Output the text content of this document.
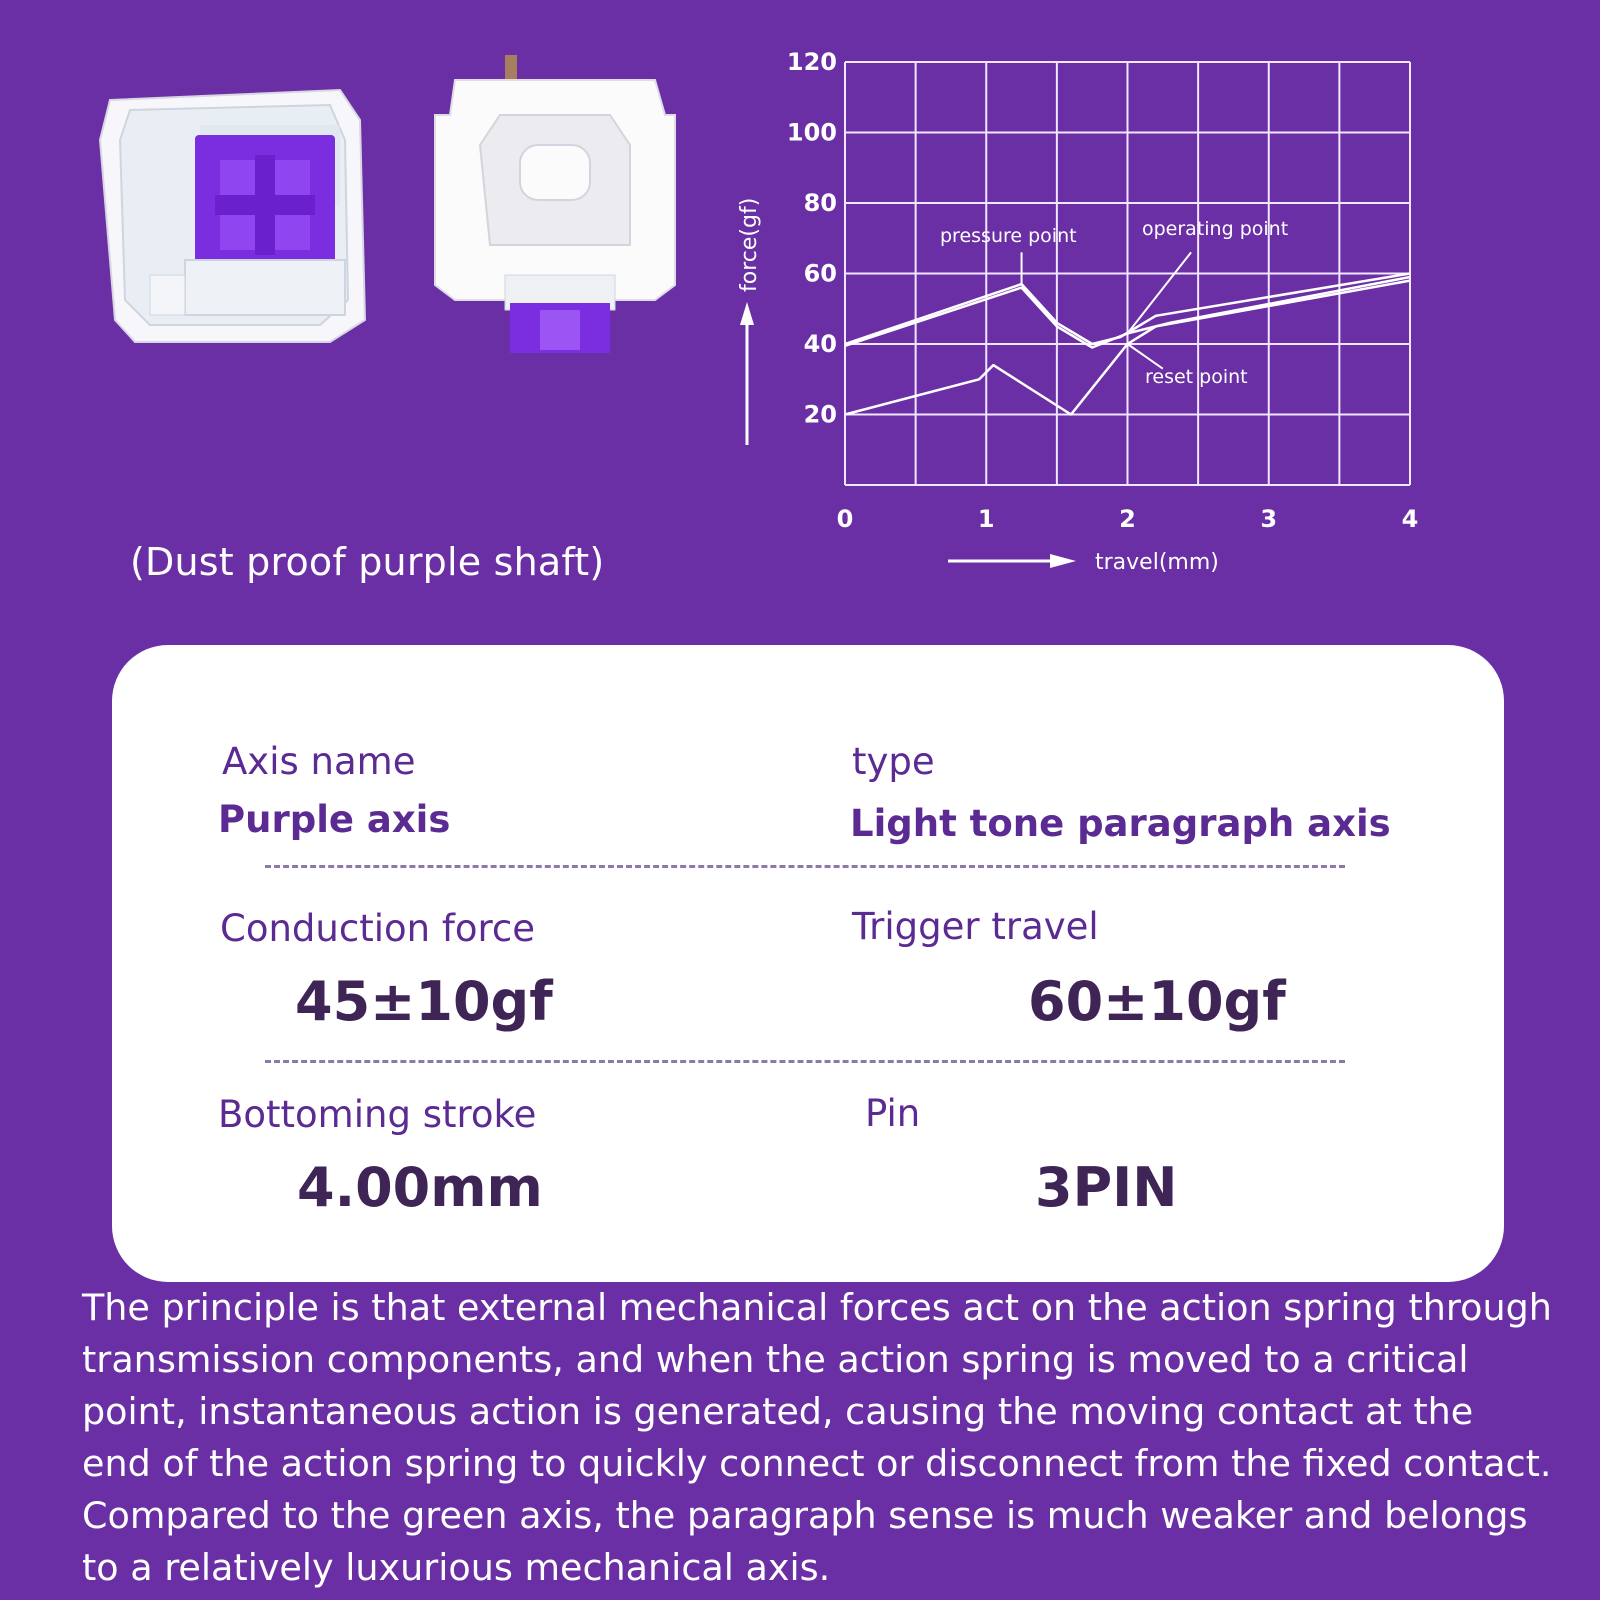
(Dust proof purple shaft)
20
40
60
80
100
120
0	1	2	3	4
pressure point	operating point
reset point
force(gf)
travel(mm)
Axis name
Purple axis
type
Light tone paragraph axis
Conduction force
45±10gf
Trigger travel
60±10gf
Bottoming stroke
4.00mm
Pin
3PIN
The principle is that external mechanical forces act on the action spring through transmission components, and when the action spring is moved to a critical point, instantaneous action is generated, causing the moving contact at the end of the action spring to quickly connect or disconnect from the fixed contact. Compared to the green axis, the paragraph sense is much weaker and belongs to a relatively luxurious mechanical axis.
